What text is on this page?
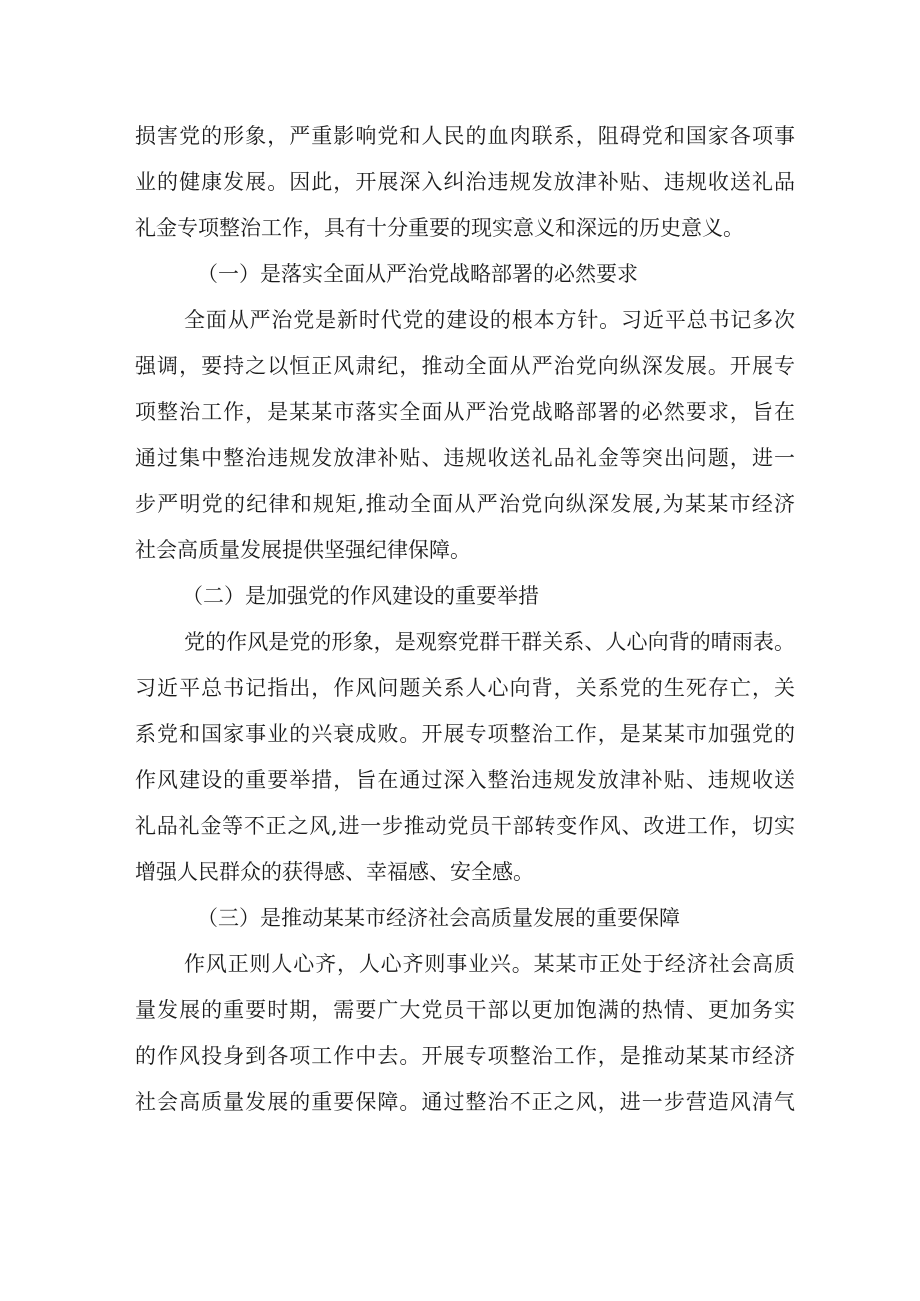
损害党的形象，严重影响党和人民的血肉联系，阻碍党和国家各项事
业的健康发展。因此，开展深入纠治违规发放津补贴、违规收送礼品
礼金专项整治工作，具有十分重要的现实意义和深远的历史意义。
（一）是落实全面从严治党战略部署的必然要求
全面从严治党是新时代党的建设的根本方针。习近平总书记多次
强调，要持之以恒正风肃纪，推动全面从严治党向纵深发展。开展专
项整治工作，是某某市落实全面从严治党战略部署的必然要求，旨在
通过集中整治违规发放津补贴、违规收送礼品礼金等突出问题，进一
步严明党的纪律和规矩,推动全面从严治党向纵深发展,为某某市经济
社会高质量发展提供坚强纪律保障。
（二）是加强党的作风建设的重要举措
党的作风是党的形象，是观察党群干群关系、人心向背的晴雨表。
习近平总书记指出，作风问题关系人心向背，关系党的生死存亡，关
系党和国家事业的兴衰成败。开展专项整治工作，是某某市加强党的
作风建设的重要举措，旨在通过深入整治违规发放津补贴、违规收送
礼品礼金等不正之风,进一步推动党员干部转变作风、改进工作，切实
增强人民群众的获得感、幸福感、安全感。
（三）是推动某某市经济社会高质量发展的重要保障
作风正则人心齐，人心齐则事业兴。某某市正处于经济社会高质
量发展的重要时期，需要广大党员干部以更加饱满的热情、更加务实
的作风投身到各项工作中去。开展专项整治工作，是推动某某市经济
社会高质量发展的重要保障。通过整治不正之风，进一步营造风清气
